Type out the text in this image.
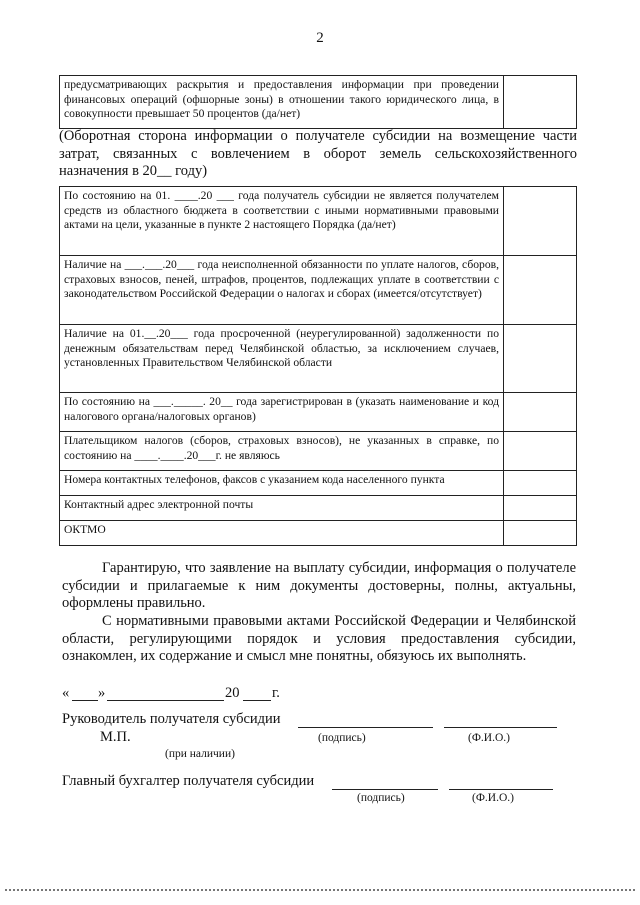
2
предусматривающих раскрытия и предоставления информации при проведении финансовых операций (офшорные зоны) в отношении такого юридического лица, в совокупности превышает 50 процентов (да/нет)	
(Оборотная сторона информации о получателе субсидии на возмещение части затрат, связанных с вовлечением в оборот земель сельскохозяйственного назначения в 20__ году)
По состоянию на 01. ____.20 ___ года получатель субсидии не является получателем средств из областного бюджета в соответствии с иными нормативными правовыми актами на цели, указанные в пункте 2 настоящего Порядка (да/нет)	
Наличие на ___.___.20___ года неисполненной обязанности по уплате налогов, сборов, страховых взносов, пеней, штрафов, процентов, подлежащих уплате в соответствии с законодательством Российской Федерации о налогах и сборах (имеется/отсутствует)	
Наличие на 01.__.20___ года просроченной (неурегулированной) задолженности по денежным обязательствам перед Челябинской областью, за исключением случаев, установленных Правительством Челябинской области	
По состоянию на ___._____. 20__ года зарегистрирован в (указать наименование и код налогового органа/налоговых органов)	
Плательщиком налогов (сборов, страховых взносов), не указанных в справке, по состоянию на ____.____.20___г. не являюсь	
Номера контактных телефонов, факсов с указанием кода населенного пункта	
Контактный адрес электронной почты	
ОКТМО	
Гарантирую, что заявление на выплату субсидии, информация о получателе субсидии и прилагаемые к ним документы достоверны, полны, актуальны, оформлены правильно.
С нормативными правовыми актами Российской Федерации и Челябинской области, регулирующими порядок и условия предоставления субсидии, ознакомлен, их содержание и смысл мне понятны, обязуюсь их выполнять.
« »	20 г.
Руководитель получателя субсидии
М.П.	(подпись)	(Ф.И.О.)
(при наличии)
Главный бухгалтер получателя субсидии
(подпись)	(Ф.И.О.)
